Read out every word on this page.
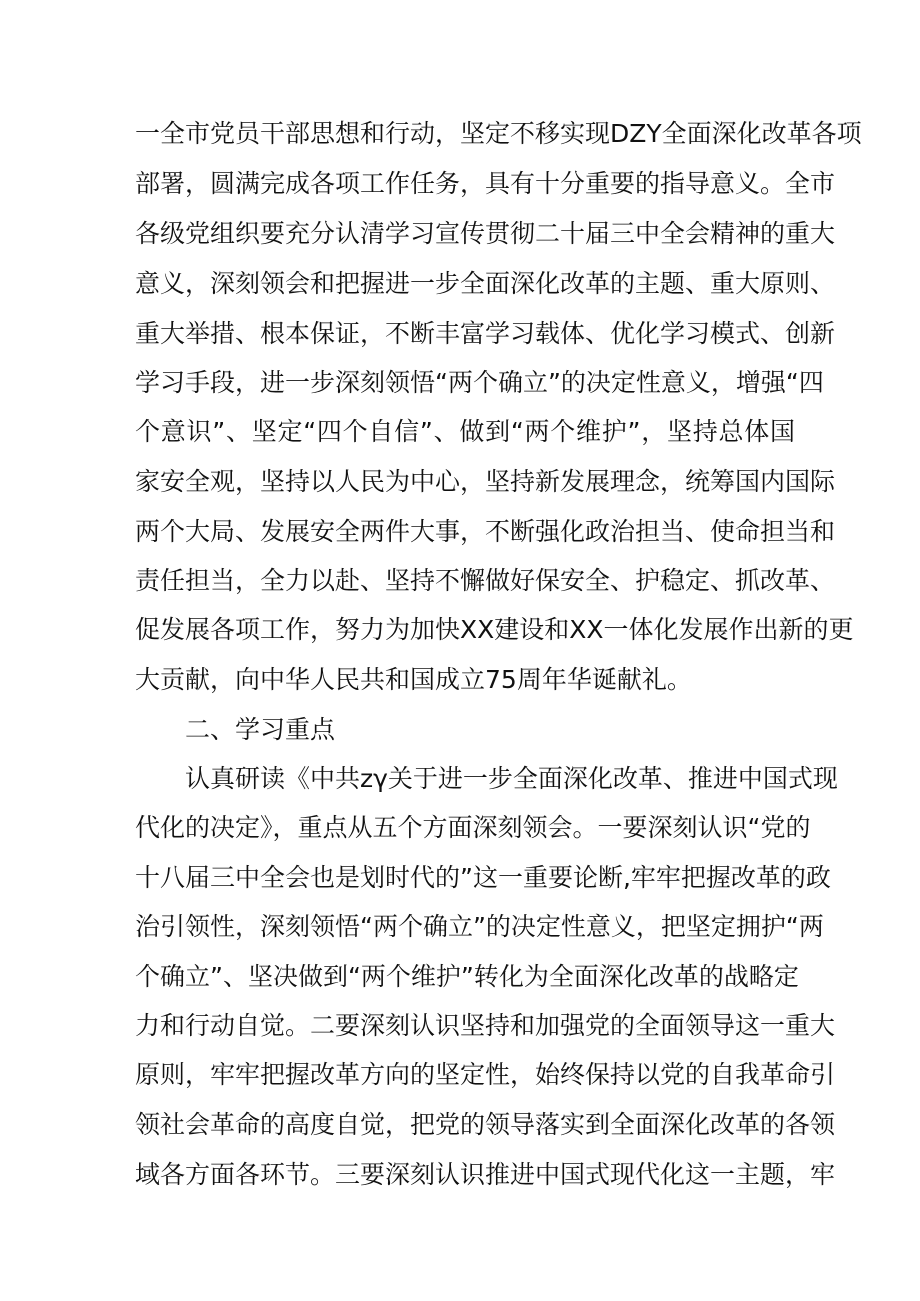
一全市党员干部思想和行动，坚定不移实现DZY全面深化改革各项
部署，圆满完成各项工作任务，具有十分重要的指导意义。全市
各级党组织要充分认清学习宣传贯彻二十届三中全会精神的重大
意义，深刻领会和把握进一步全面深化改革的主题、重大原则、
重大举措、根本保证，不断丰富学习载体、优化学习模式、创新
学习手段，进一步深刻领悟“两个确立”的决定性意义，增强“四
个意识”、坚定“四个自信”、做到“两个维护”，坚持总体国
家安全观，坚持以人民为中心，坚持新发展理念，统筹国内国际
两个大局、发展安全两件大事，不断强化政治担当、使命担当和
责任担当，全力以赴、坚持不懈做好保安全、护稳定、抓改革、
促发展各项工作，努力为加快XX建设和XX一体化发展作出新的更
大贡献，向中华人民共和国成立75周年华诞献礼。
二、学习重点
认真研读《中共zγ关于进一步全面深化改革、推进中国式现
代化的决定》，重点从五个方面深刻领会。一要深刻认识“党的
十八届三中全会也是划时代的”这一重要论断,牢牢把握改革的政
治引领性，深刻领悟“两个确立”的决定性意义，把坚定拥护“两
个确立”、坚决做到“两个维护”转化为全面深化改革的战略定
力和行动自觉。二要深刻认识坚持和加强党的全面领导这一重大
原则，牢牢把握改革方向的坚定性，始终保持以党的自我革命引
领社会革命的高度自觉，把党的领导落实到全面深化改革的各领
域各方面各环节。三要深刻认识推进中国式现代化这一主题，牢
